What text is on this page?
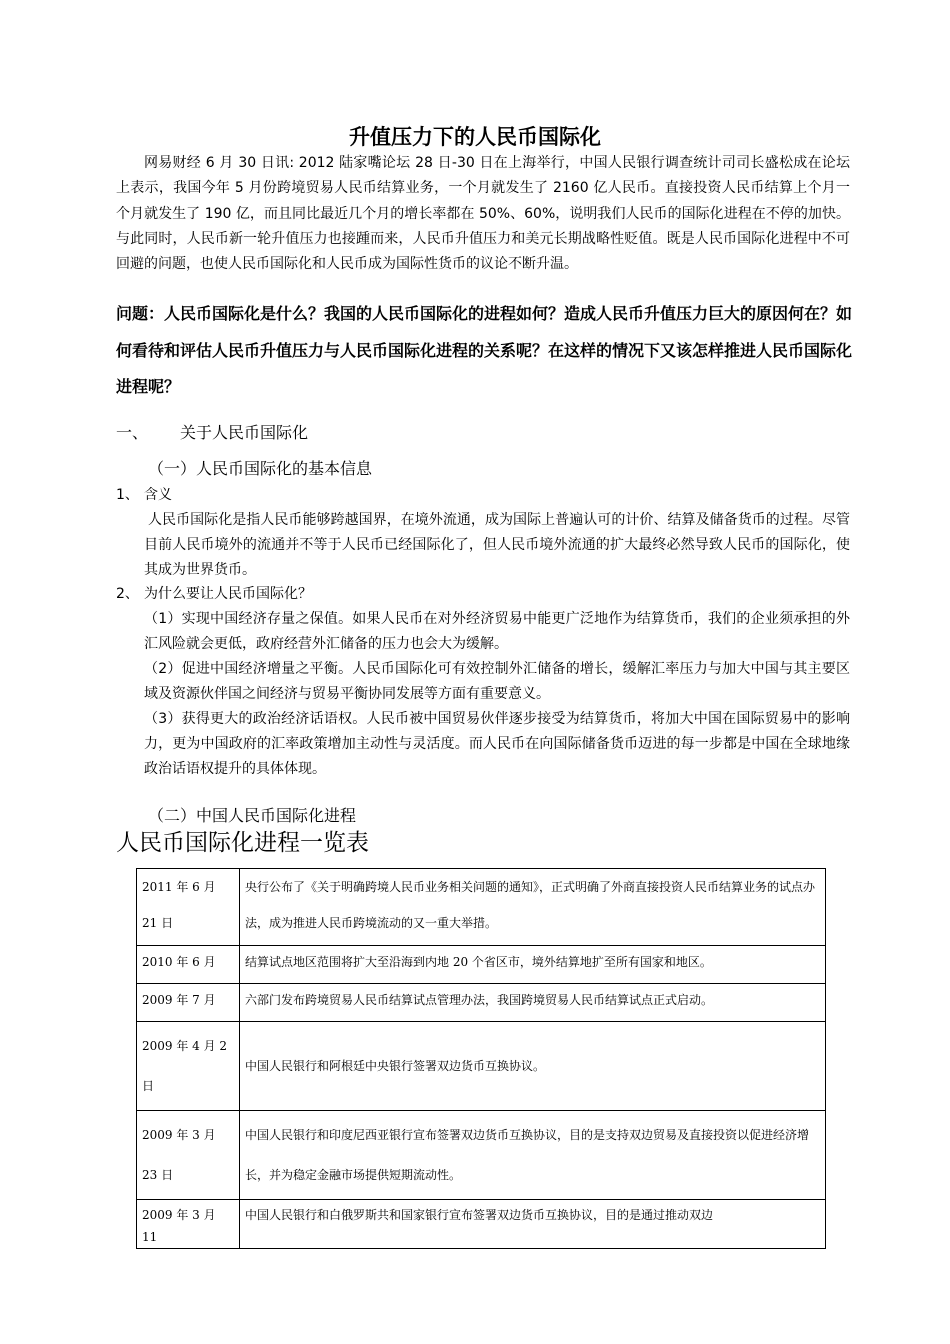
升值压力下的人民币国际化
网易财经 6 月 30 日讯: 2012 陆家嘴论坛 28 日-30 日在上海举行，中国人民银行调查统计司司长盛松成在论坛上表示，我国今年 5 月份跨境贸易人民币结算业务，一个月就发生了 2160 亿人民币。直接投资人民币结算上个月一个月就发生了 190 亿，而且同比最近几个月的增长率都在 50%、60%，说明我们人民币的国际化进程在不停的加快。与此同时，人民币新一轮升值压力也接踵而来，人民币升值压力和美元长期战略性贬值。既是人民币国际化进程中不可回避的问题，也使人民币国际化和人民币成为国际性货币的议论不断升温。
问题：人民币国际化是什么？我国的人民币国际化的进程如何？造成人民币升值压力巨大的原因何在？如何看待和评估人民币升值压力与人民币国际化进程的关系呢？在这样的情况下又该怎样推进人民币国际化进程呢？
一、 关于人民币国际化
（一）人民币国际化的基本信息
1、 含义
人民币国际化是指人民币能够跨越国界，在境外流通，成为国际上普遍认可的计价、结算及储备货币的过程。尽管目前人民币境外的流通并不等于人民币已经国际化了，但人民币境外流通的扩大最终必然导致人民币的国际化，使其成为世界货币。
2、 为什么要让人民币国际化？
（1）实现中国经济存量之保值。如果人民币在对外经济贸易中能更广泛地作为结算货币，我们的企业须承担的外汇风险就会更低，政府经营外汇储备的压力也会大为缓解。
（2）促进中国经济增量之平衡。人民币国际化可有效控制外汇储备的增长，缓解汇率压力与加大中国与其主要区域及资源伙伴国之间经济与贸易平衡协同发展等方面有重要意义。
（3）获得更大的政治经济话语权。人民币被中国贸易伙伴逐步接受为结算货币，将加大中国在国际贸易中的影响力，更为中国政府的汇率政策增加主动性与灵活度。而人民币在向国际储备货币迈进的每一步都是中国在全球地缘政治话语权提升的具体体现。
（二）中国人民币国际化进程
人民币国际化进程一览表
2011 年 6 月 21 日	央行公布了《关于明确跨境人民币业务相关问题的通知》，正式明确了外商直接投资人民币结算业务的试点办法，成为推进人民币跨境流动的又一重大举措。
2010 年 6 月	结算试点地区范围将扩大至沿海到内地 20 个省区市，境外结算地扩至所有国家和地区。
2009 年 7 月	六部门发布跨境贸易人民币结算试点管理办法，我国跨境贸易人民币结算试点正式启动。
2009 年 4 月 2 日	中国人民银行和阿根廷中央银行签署双边货币互换协议。
2009 年 3 月 23 日	中国人民银行和印度尼西亚银行宣布签署双边货币互换协议，目的是支持双边贸易及直接投资以促进经济增长，并为稳定金融市场提供短期流动性。
2009 年 3 月 11	中国人民银行和白俄罗斯共和国家银行宣布签署双边货币互换协议，目的是通过推动双边
